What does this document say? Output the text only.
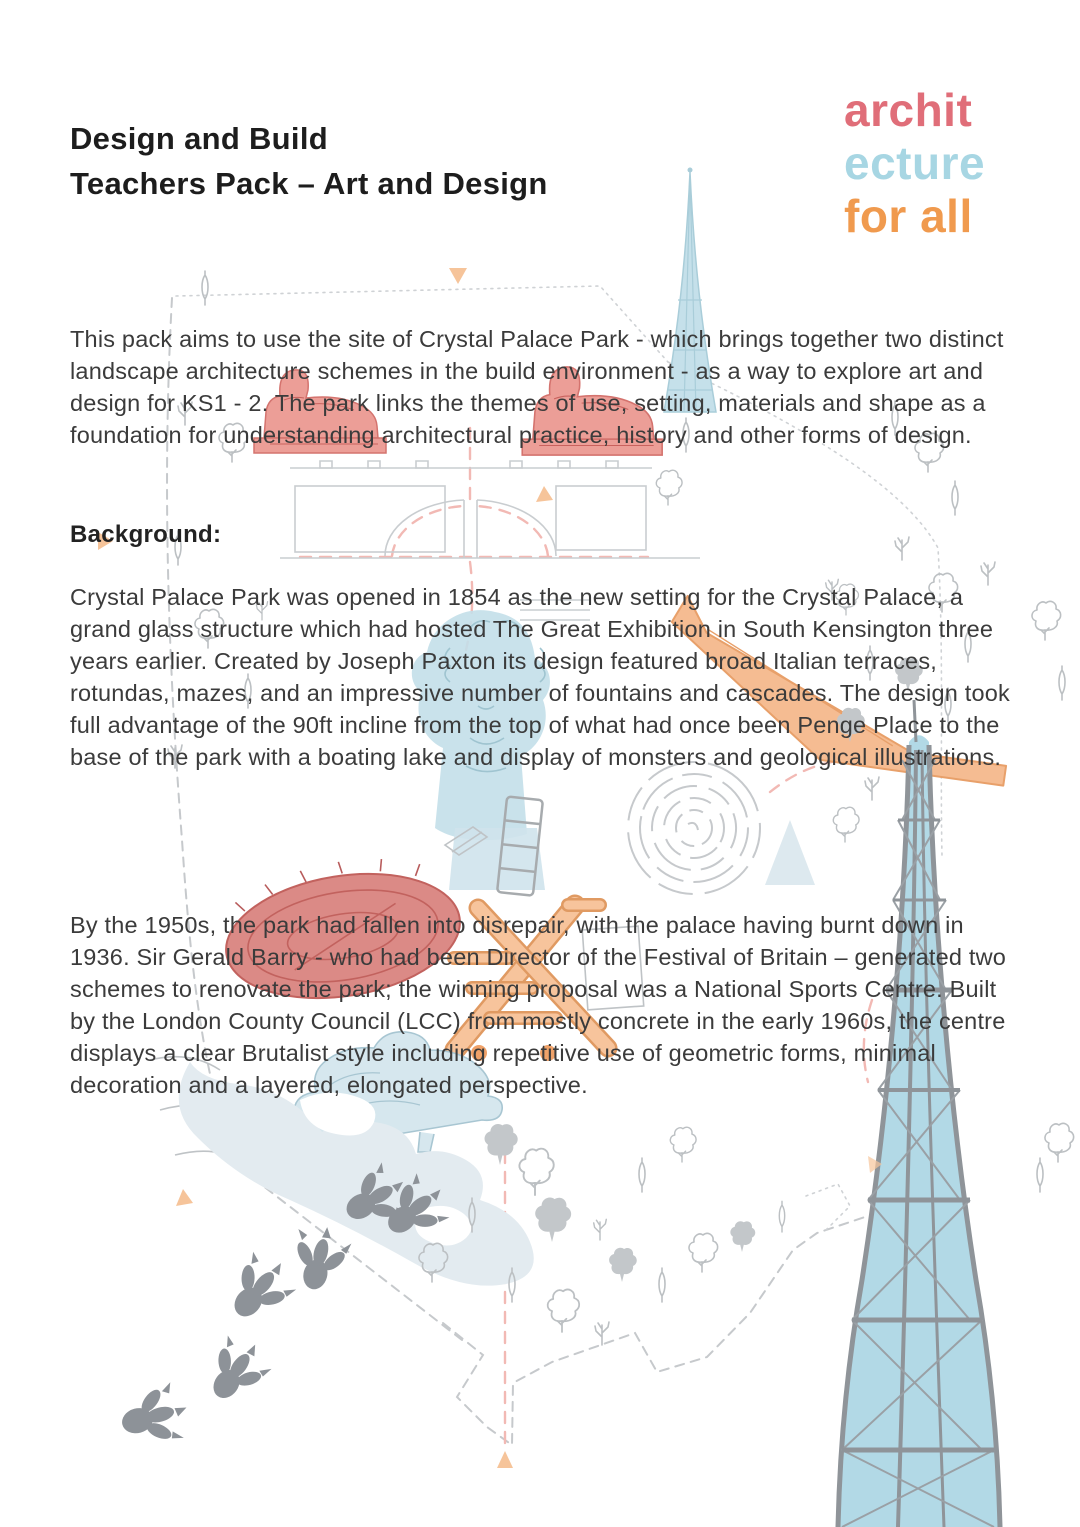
Design and Build
Teachers Pack – Art and Design
archit
ecture
for all

This pack aims to use the site of Crystal Palace Park - which brings together two distinct landscape architecture schemes in the build environment - as a way to explore art and design for KS1 - 2. The park links the themes of use, setting, materials and shape as a foundation for understanding architectural practice, history and other forms of design.

Background:

Crystal Palace Park was opened in 1854 as the new setting for the Crystal Palace, a grand glass structure which had hosted The Great Exhibition in South Kensington three years earlier. Created by Joseph Paxton its design featured broad Italian terraces, rotundas, mazes, and an impressive number of fountains and cascades. The design took full advantage of the 90ft incline from the top of what had once been Penge Place to the base of the park with a boating lake and display of monsters and geological illustrations.

By the 1950s, the park had fallen into disrepair, with the palace having burnt down in 1936. Sir Gerald Barry - who had been Director of the Festival of Britain – generated two schemes to renovate the park; the winning proposal was a National Sports Centre. Built by the London County Council (LCC) from mostly concrete in the early 1960s, the centre displays a clear Brutalist style including repetitive use of geometric forms, minimal decoration and a layered, elongated perspective.
